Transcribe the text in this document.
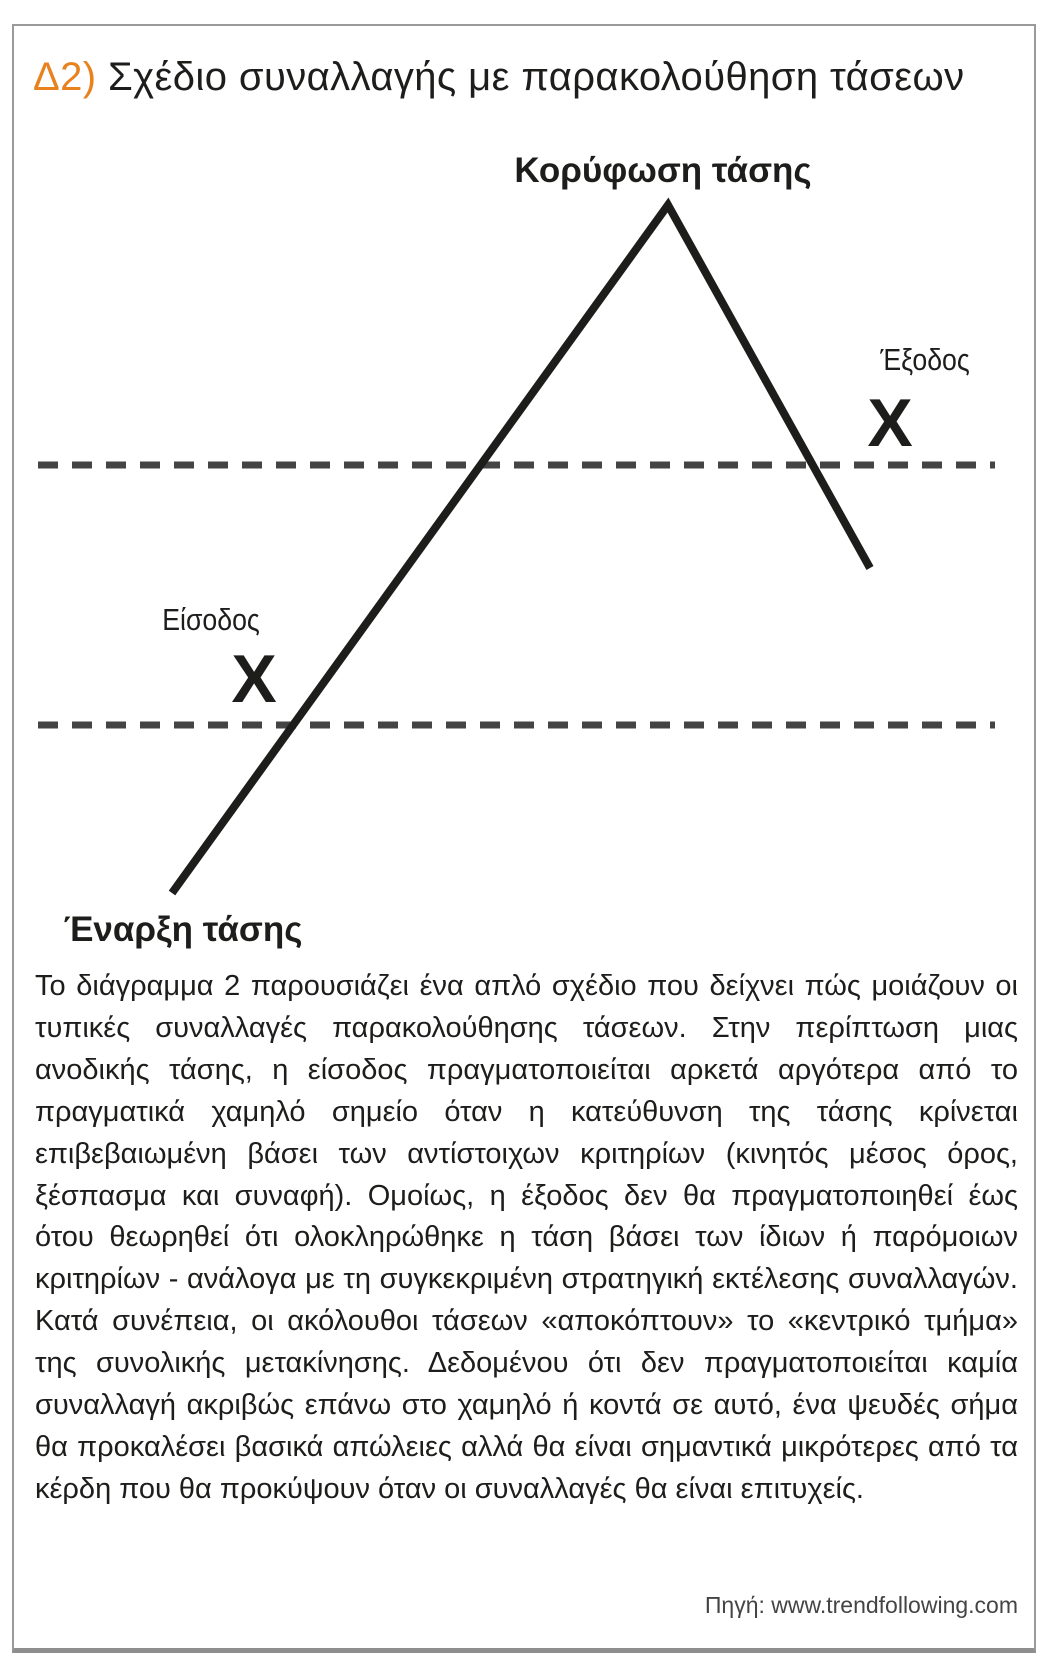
Δ2) Σχέδιο συναλλαγής με παρακολούθηση τάσεων
Κορύφωση τάσης
Έξοδος
X
Είσοδος
X
Έναρξη τάσης

Το διάγραμμα 2 παρουσιάζει ένα απλό σχέδιο που δείχνει πώς μοιάζουν οι τυπικές συναλλαγές παρακολούθησης τάσεων. Στην περίπτωση μιας ανοδικής τάσης, η είσοδος πραγματοποιείται αρκετά αργότερα από το πραγματικά χαμηλό σημείο όταν η κατεύθυνση της τάσης κρίνεται επιβεβαιωμένη βάσει των αντίστοιχων κριτηρίων (κινητός μέσος όρος, ξέσπασμα και συναφή). Ομοίως, η έξοδος δεν θα πραγματοποιηθεί έως ότου θεωρηθεί ότι ολοκληρώθηκε η τάση βάσει των ίδιων ή παρόμοιων κριτηρίων - ανάλογα με τη συγκεκριμένη στρατηγική εκτέλεσης συναλλαγών. Κατά συνέπεια, οι ακόλουθοι τάσεων «αποκόπτουν» το «κεντρικό τμήμα» της συνολικής μετακίνησης. Δεδομένου ότι δεν πραγματοποιείται καμία συναλλαγή ακριβώς επάνω στο χαμηλό ή κοντά σε αυτό, ένα ψευδές σήμα θα προκαλέσει βασικά απώλειες αλλά θα είναι σημαντικά μικρότερες από τα κέρδη που θα προκύψουν όταν οι συναλλαγές θα είναι επιτυχείς.

Πηγή: www.trendfollowing.com
